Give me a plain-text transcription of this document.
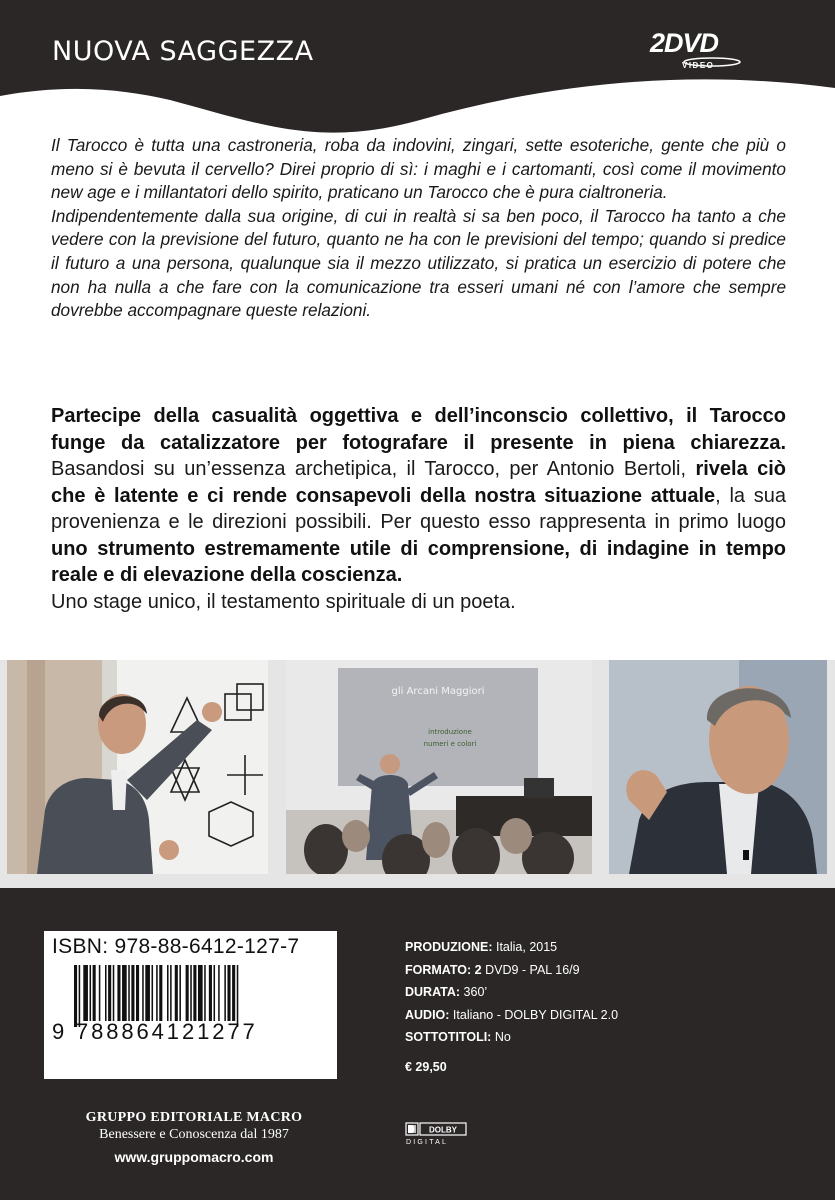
NUOVA SAGGEZZA	2DVD
VIDEO

Il Tarocco è tutta una castroneria, roba da indovini, zingari, sette esoteriche, gente che più o meno si è bevuta il cervello? Direi proprio di sì: i maghi e i cartomanti, così come il movimento new age e i millantatori dello spirito, praticano un Tarocco che è pura cialtroneria.

Indipendentemente dalla sua origine, di cui in realtà si sa ben poco, il Tarocco ha tanto a che vedere con la previsione del futuro, quanto ne ha con le previsioni del tempo; quando si predice il futuro a una persona, qualunque sia il mezzo utilizzato, si pratica un esercizio di potere che non ha nulla a che fare con la comunicazione tra esseri umani né con l’amore che sempre dovrebbe accompagnare queste relazioni.

Partecipe della casualità oggettiva e dell’inconscio collettivo, il Tarocco funge da catalizzatore per fotografare il presente in piena chiarezza. Basandosi su un’essenza archetipica, il Tarocco, per Antonio Bertoli, rivela ciò che è latente e ci rende consapevoli della nostra situazione attuale, la sua provenienza e le direzioni possibili. Per questo esso rappresenta in primo luogo uno strumento estremamente utile di comprensione, di indagine in tempo reale e di elevazione della coscienza.

Uno stage unico, il testamento spirituale di un poeta.

gli Arcani Maggiori
introduzione
numeri e colori
ISBN: 978-88-6412-127-7
9 788864121277
PRODUZIONE: Italia, 2015
FORMATO: 2 DVD9 - PAL 16/9
DURATA: 360’
AUDIO: Italiano - DOLBY DIGITAL 2.0
SOTTOTITOLI: No
€ 29,50
GRUPPO EDITORIALE MACRO
Benessere e Conoscenza dal 1987
www.gruppomacro.com
DOLBY
DIGITAL
